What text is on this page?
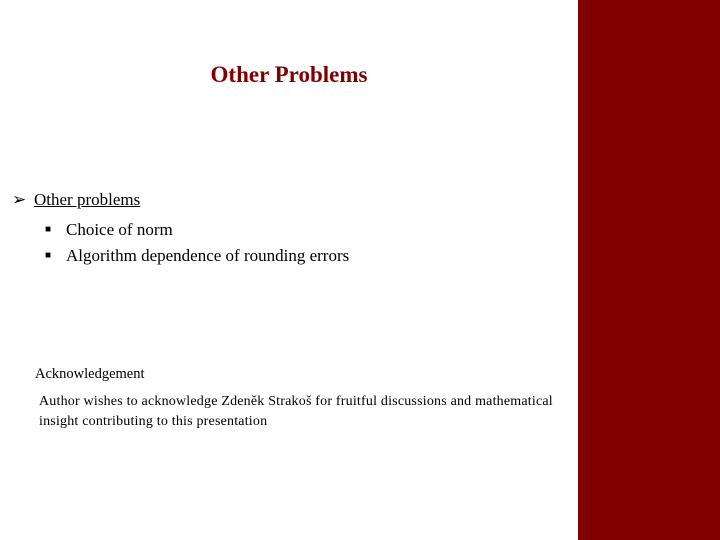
Other Problems
➢ Other problems
■ Choice of norm
■ Algorithm dependence of rounding errors
Acknowledgement
Author wishes to acknowledge Zdeněk Strakoš for fruitful discussions and mathematical insight contributing to this presentation
